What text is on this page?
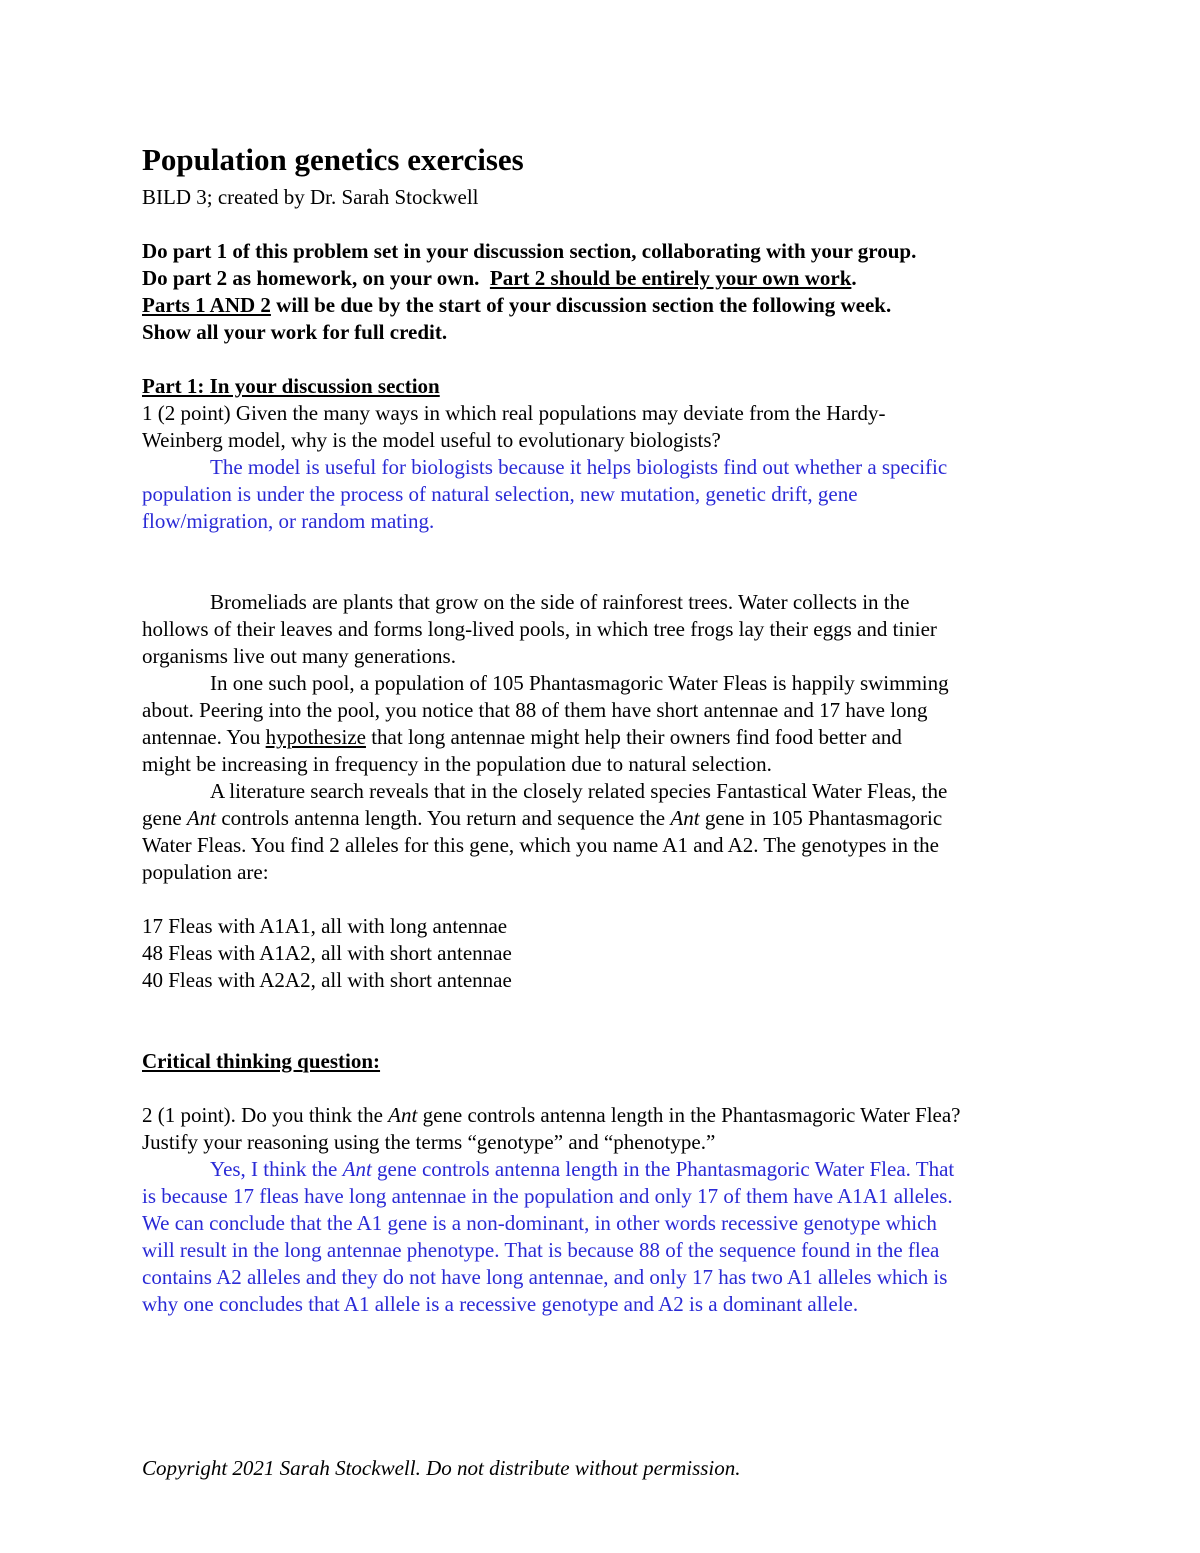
Population genetics exercises
BILD 3; created by Dr. Sarah Stockwell
Do part 1 of this problem set in your discussion section, collaborating with your group.
Do part 2 as homework, on your own. Part 2 should be entirely your own work.
Parts 1 AND 2 will be due by the start of your discussion section the following week.
Show all your work for full credit.
Part 1: In your discussion section
1 (2 point) Given the many ways in which real populations may deviate from the Hardy-
Weinberg model, why is the model useful to evolutionary biologists?
The model is useful for biologists because it helps biologists find out whether a specific
population is under the process of natural selection, new mutation, genetic drift, gene
flow/migration, or random mating.
Bromeliads are plants that grow on the side of rainforest trees. Water collects in the
hollows of their leaves and forms long-lived pools, in which tree frogs lay their eggs and tinier
organisms live out many generations.
In one such pool, a population of 105 Phantasmagoric Water Fleas is happily swimming
about. Peering into the pool, you notice that 88 of them have short antennae and 17 have long
antennae. You hypothesize that long antennae might help their owners find food better and
might be increasing in frequency in the population due to natural selection.
A literature search reveals that in the closely related species Fantastical Water Fleas, the
gene Ant controls antenna length. You return and sequence the Ant gene in 105 Phantasmagoric
Water Fleas. You find 2 alleles for this gene, which you name A1 and A2. The genotypes in the
population are:
17 Fleas with A1A1, all with long antennae
48 Fleas with A1A2, all with short antennae
40 Fleas with A2A2, all with short antennae
Critical thinking question:
2 (1 point). Do you think the Ant gene controls antenna length in the Phantasmagoric Water Flea?
Justify your reasoning using the terms “genotype” and “phenotype.”
Yes, I think the Ant gene controls antenna length in the Phantasmagoric Water Flea. That
is because 17 fleas have long antennae in the population and only 17 of them have A1A1 alleles.
We can conclude that the A1 gene is a non-dominant, in other words recessive genotype which
will result in the long antennae phenotype. That is because 88 of the sequence found in the flea
contains A2 alleles and they do not have long antennae, and only 17 has two A1 alleles which is
why one concludes that A1 allele is a recessive genotype and A2 is a dominant allele.
Copyright 2021 Sarah Stockwell. Do not distribute without permission.
